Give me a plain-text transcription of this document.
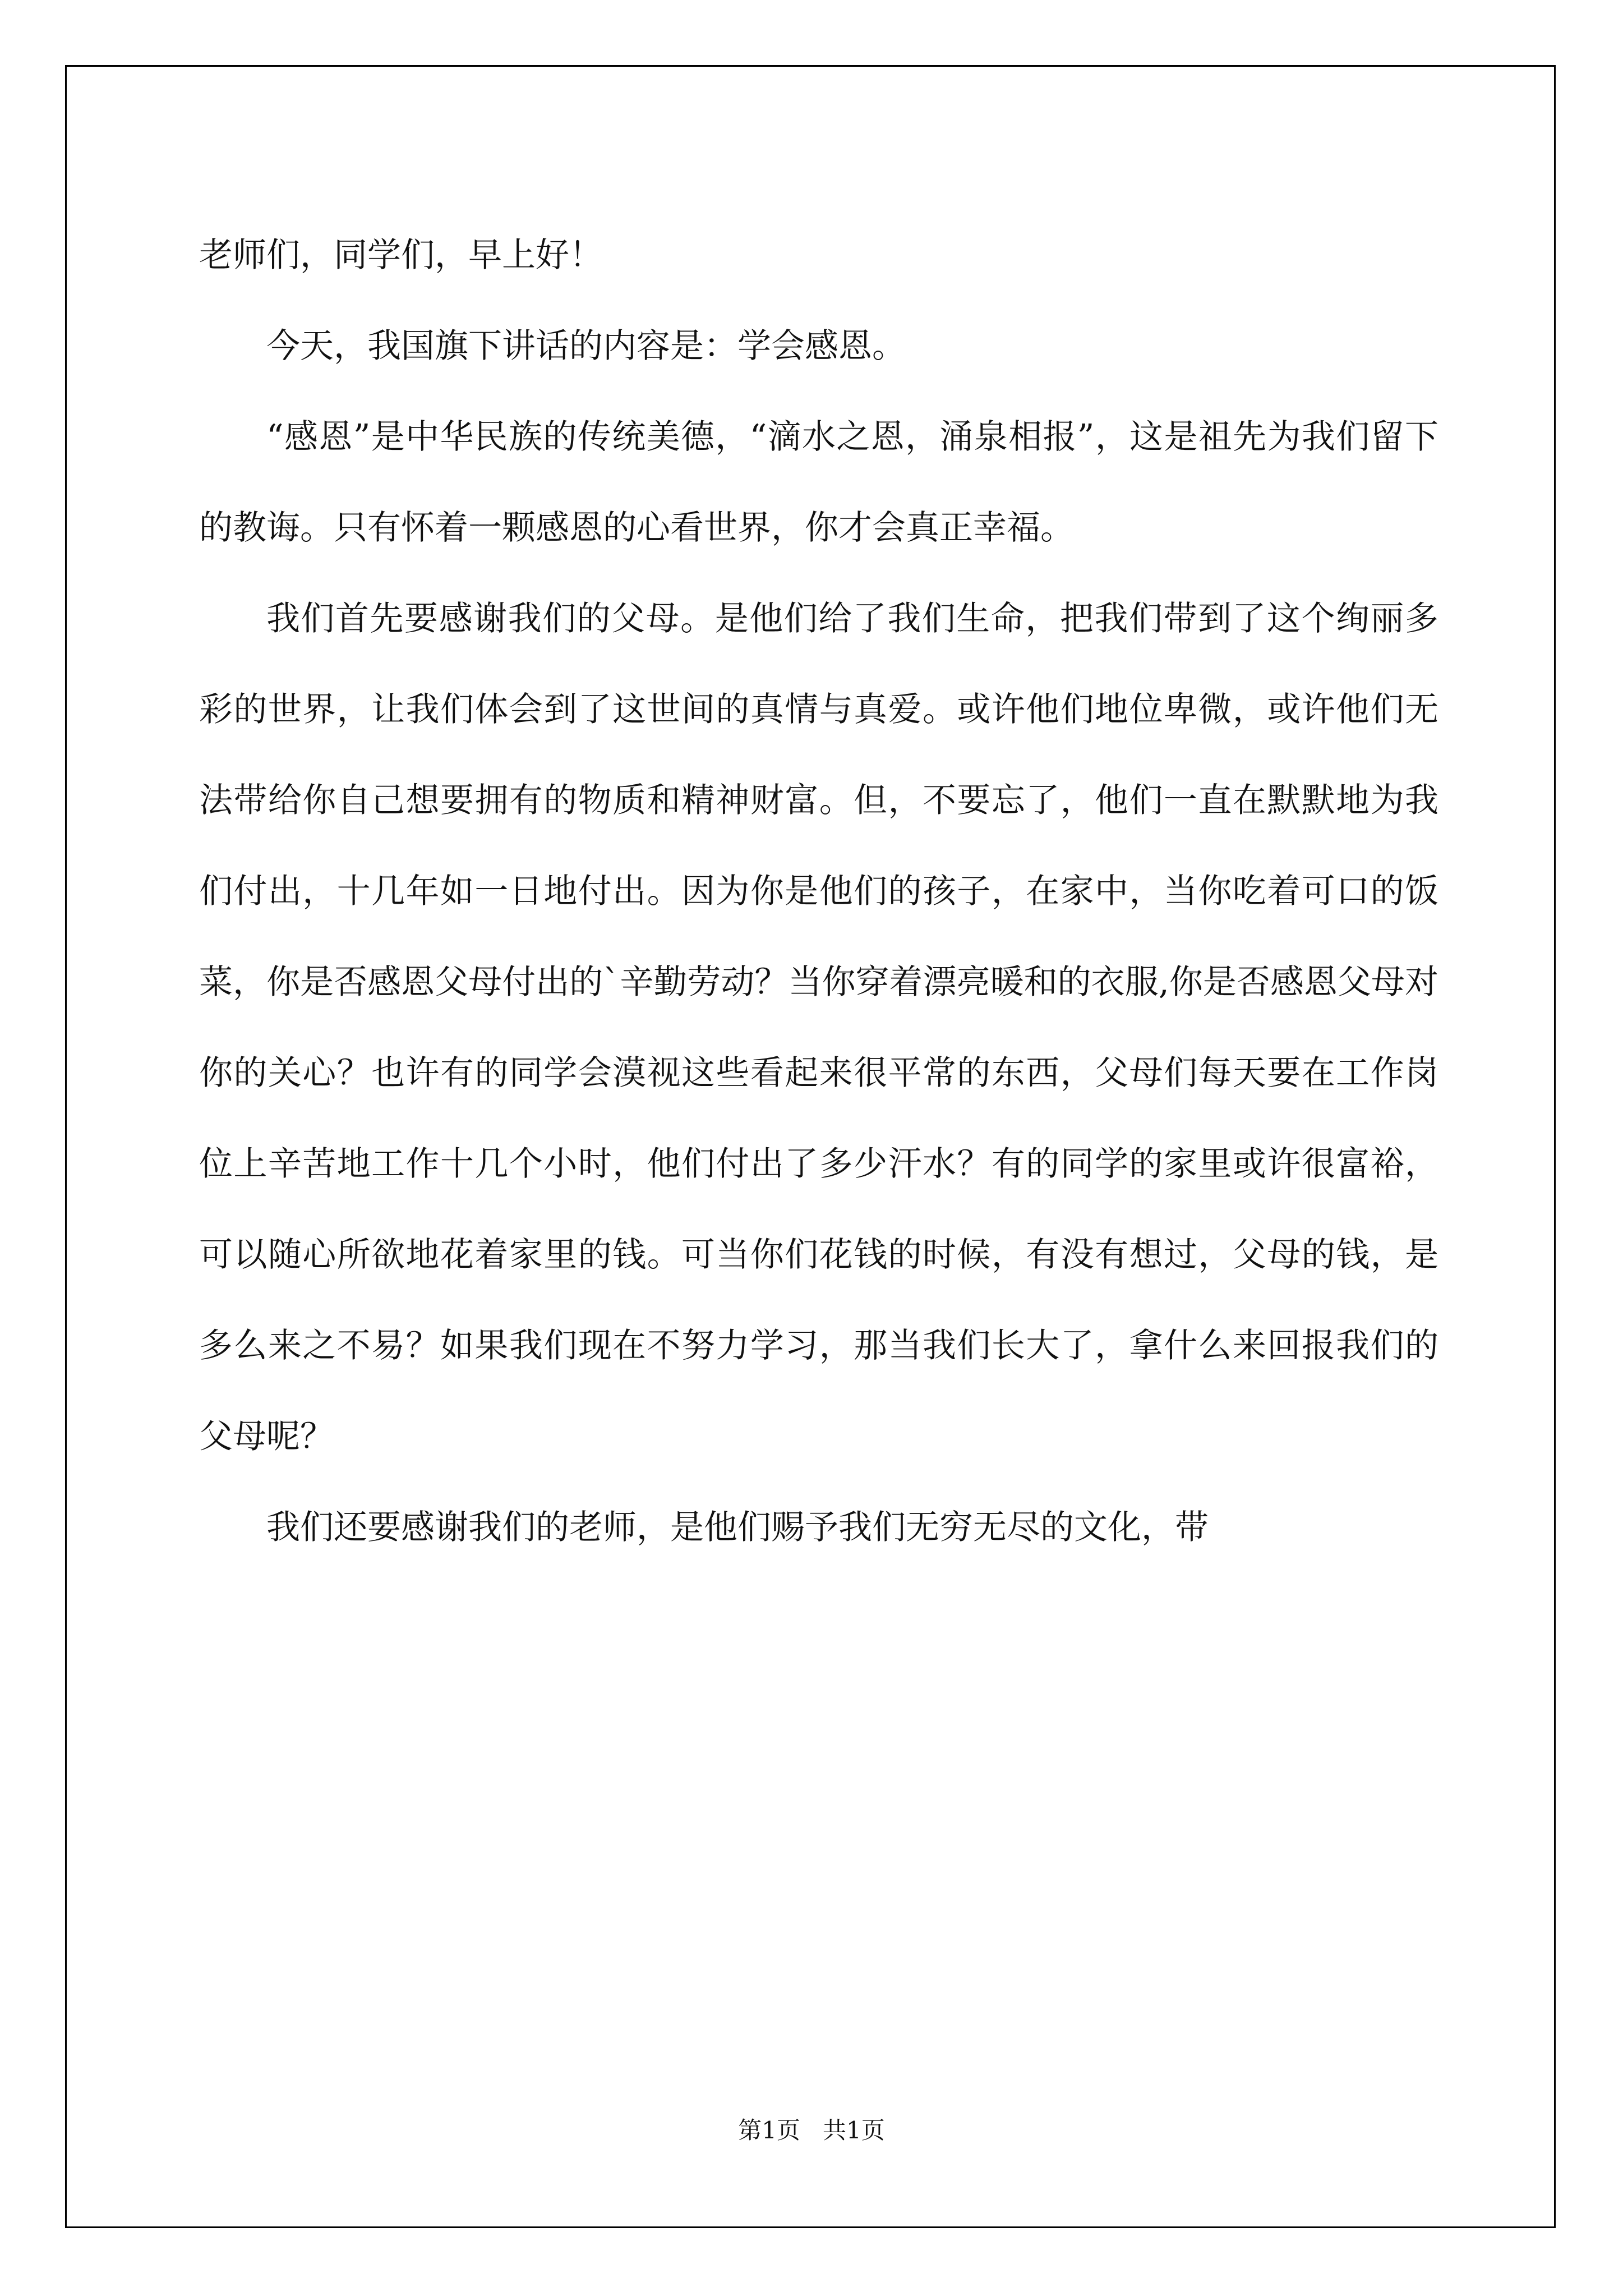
老师们，同学们，早上好！

今天，我国旗下讲话的内容是：学会感恩。

“感恩”是中华民族的传统美德，“滴水之恩，涌泉相报”，这是祖先为我们留下的教诲。只有怀着一颗感恩的心看世界，你才会真正幸福。

我们首先要感谢我们的父母。是他们给了我们生命，把我们带到了这个绚丽多彩的世界，让我们体会到了这世间的真情与真爱。或许他们地位卑微，或许他们无法带给你自己想要拥有的物质和精神财富。但，不要忘了，他们一直在默默地为我们付出，十几年如一日地付出。因为你是他们的孩子，在家中，当你吃着可口的饭菜，你是否感恩父母付出的`辛勤劳动？当你穿着漂亮暖和的衣服,你是否感恩父母对你的关心？也许有的同学会漠视这些看起来很平常的东西，父母们每天要在工作岗位上辛苦地工作十几个小时，他们付出了多少汗水？有的同学的家里或许很富裕，可以随心所欲地花着家里的钱。可当你们花钱的时候，有没有想过，父母的钱，是多么来之不易？如果我们现在不努力学习，那当我们长大了，拿什么来回报我们的父母呢？

我们还要感谢我们的老师，是他们赐予我们无穷无尽的文化，带

第1页   共1页
